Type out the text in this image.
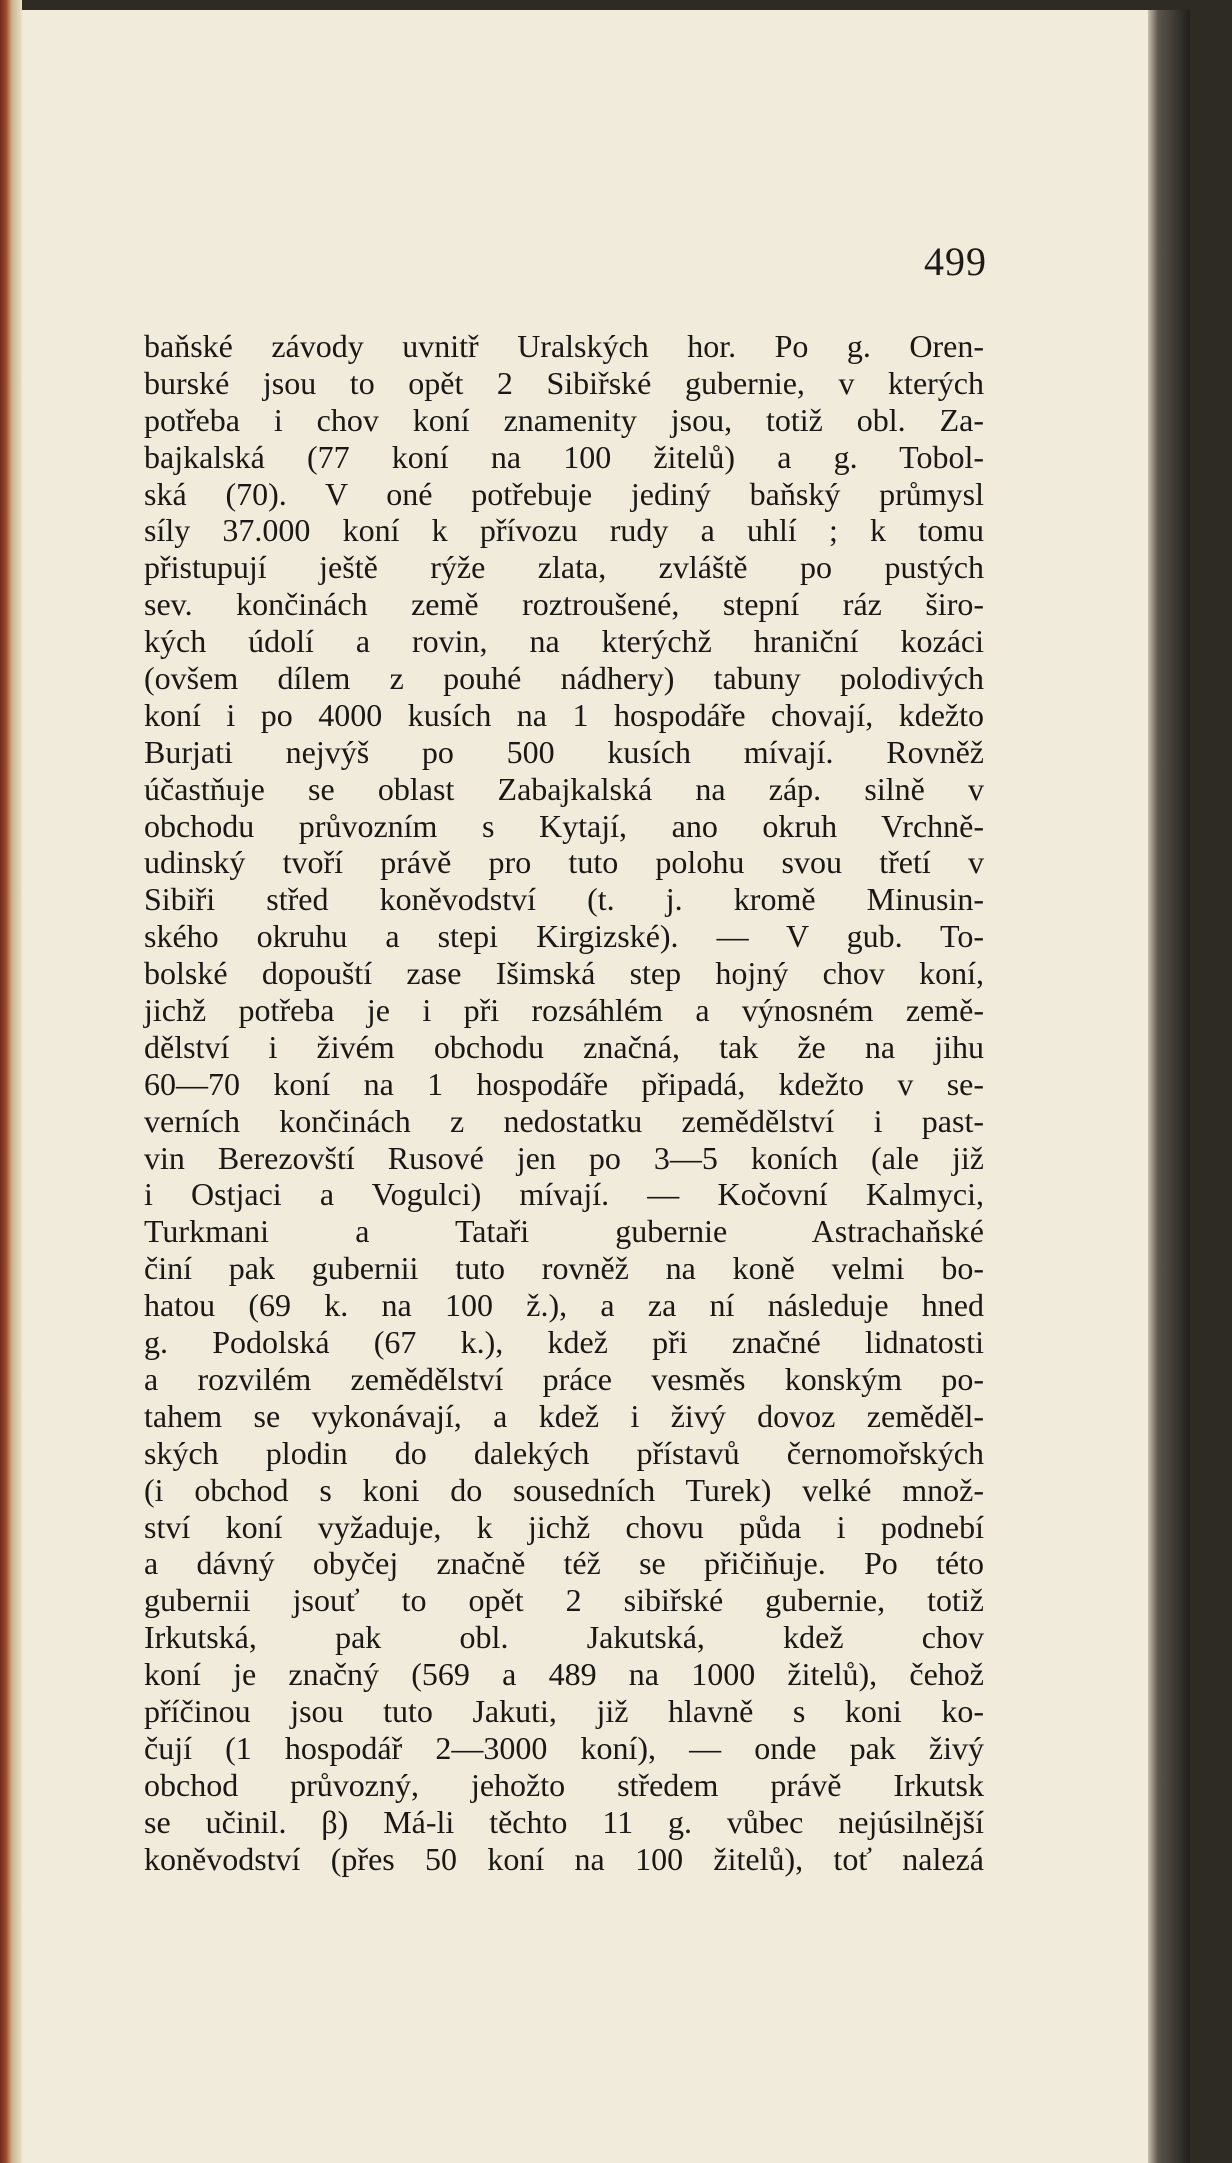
499
baňské závody uvnitř Uralských hor. Po g. Oren-
burské jsou to opět 2 Sibiřské gubernie, v kterých
potřeba i chov koní znamenity jsou, totiž obl. Za-
bajkalská (77 koní na 100 žitelů) a g. Tobol-
ská (70). V oné potřebuje jediný baňský průmysl
síly 37.000 koní k přívozu rudy a uhlí ; k tomu
přistupují ještě rýže zlata, zvláště po pustých
sev. končinách země roztroušené, stepní ráz širo-
kých údolí a rovin, na kterýchž hraniční kozáci
(ovšem dílem z pouhé nádhery) tabuny polodivých
koní i po 4000 kusích na 1 hospodáře chovají, kdežto
Burjati nejvýš po 500 kusích mívají. Rovněž
účastňuje se oblast Zabajkalská na záp. silně v
obchodu průvozním s Kytají, ano okruh Vrchně-
udinský tvoří právě pro tuto polohu svou třetí v
Sibiři střed koněvodství (t. j. kromě Minusin-
ského okruhu a stepi Kirgizské). — V gub. To-
bolské dopouští zase Išimská step hojný chov koní,
jichž potřeba je i při rozsáhlém a výnosném země-
dělství i živém obchodu značná, tak že na jihu
60—70 koní na 1 hospodáře připadá, kdežto v se-
verních končinách z nedostatku zemědělství i past-
vin Berezovští Rusové jen po 3—5 koních (ale již
i Ostjaci a Vogulci) mívají. — Kočovní Kalmyci,
Turkmani a Tataři gubernie Astrachaňské
činí pak gubernii tuto rovněž na koně velmi bo-
hatou (69 k. na 100 ž.), a za ní následuje hned
g. Podolská (67 k.), kdež při značné lidnatosti
a rozvilém zemědělství práce vesměs konským po-
tahem se vykonávají, a kdež i živý dovoz zeměděl-
ských plodin do dalekých přístavů černomořských
(i obchod s koni do sousedních Turek) velké množ-
ství koní vyžaduje, k jichž chovu půda i podnebí
a dávný obyčej značně též se přičiňuje. Po této
gubernii jsouť to opět 2 sibiřské gubernie, totiž
Irkutská, pak obl. Jakutská, kdež chov
koní je značný (569 a 489 na 1000 žitelů), čehož
příčinou jsou tuto Jakuti, již hlavně s koni ko-
čují (1 hospodář 2—3000 koní), — onde pak živý
obchod průvozný, jehožto středem právě Irkutsk
se učinil. β) Má-li těchto 11 g. vůbec nejúsilnější
koněvodství (přes 50 koní na 100 žitelů), toť nalezá
